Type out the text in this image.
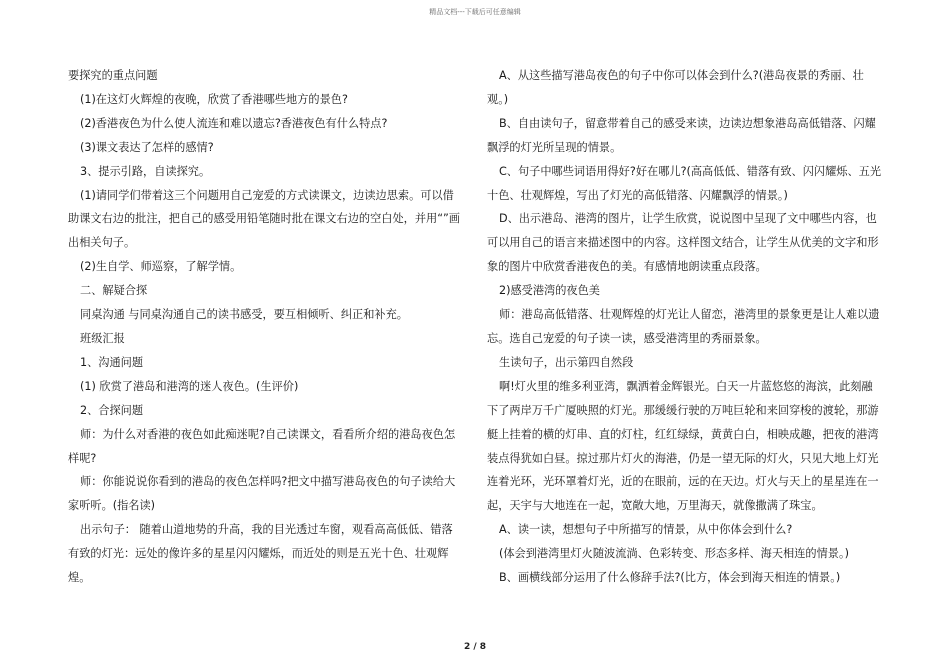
精品文档---下载后可任意编辑

要探究的重点问题

(1)在这灯火辉煌的夜晚，欣赏了香港哪些地方的景色?

(2)香港夜色为什么使人流连和难以遗忘?香港夜色有什么特点?

(3)课文表达了怎样的感情?

3、提示引路，自读探究。

(1)请同学们带着这三个问题用自己宠爱的方式读课文，边读边思索。可以借助课文右边的批注，把自己的感受用铅笔随时批在课文右边的空白处，并用“”画出相关句子。

(2)生自学、师巡察，了解学情。

二、解疑合探

同桌沟通 与同桌沟通自己的读书感受，要互相倾听、纠正和补充。

班级汇报

1、沟通问题

(1) 欣赏了港岛和港湾的迷人夜色。(生评价)

2、合探问题

师：为什么对香港的夜色如此痴迷呢?自己读课文，看看所介绍的港岛夜色怎样呢?

师：你能说说你看到的港岛的夜色怎样吗?把文中描写港岛夜色的句子读给大家听听。(指名读)

出示句子： 随着山道地势的升高，我的目光透过车窗，观看高高低低、错落有致的灯光：远处的像许多的星星闪闪耀烁，而近处的则是五光十色、壮观辉煌。

A、从这些描写港岛夜色的句子中你可以体会到什么?(港岛夜景的秀丽、壮观。)

B、自由读句子，留意带着自己的感受来读，边读边想象港岛高低错落、闪耀飘浮的灯光所呈现的情景。

C、句子中哪些词语用得好?好在哪儿?(高高低低、错落有致、闪闪耀烁、五光十色、壮观辉煌，写出了灯光的高低错落、闪耀飘浮的情景。)

D、出示港岛、港湾的图片，让学生欣赏，说说图中呈现了文中哪些内容，也可以用自己的语言来描述图中的内容。这样图文结合，让学生从优美的文字和形象的图片中欣赏香港夜色的美。有感情地朗读重点段落。

2)感受港湾的夜色美

师：港岛高低错落、壮观辉煌的灯光让人留恋，港湾里的景象更是让人难以遗忘。选自己宠爱的句子读一读，感受港湾里的秀丽景象。

生读句子，出示第四自然段

啊!灯火里的维多利亚湾，飘洒着金辉银光。白天一片蓝悠悠的海滨，此刻融下了两岸万千广厦映照的灯光。那缓缓行驶的万吨巨轮和来回穿梭的渡轮，那游艇上挂着的横的灯串、直的灯柱，红红绿绿，黄黄白白，相映成趣，把夜的港湾装点得犹如白昼。掠过那片灯火的海港，仍是一望无际的灯火，只见大地上灯光连着光环，光环罩着灯光，近的在眼前，远的在天边。灯火与天上的星星连在一起，天宇与大地连在一起，宽敞大地，万里海天，就像撒满了珠宝。

A、读一读，想想句子中所描写的情景，从中你体会到什么?

(体会到港湾里灯火随波流淌、色彩转变、形态多样、海天相连的情景。)

B、画横线部分运用了什么修辞手法?(比方，体会到海天相连的情景。)

2 / 8
